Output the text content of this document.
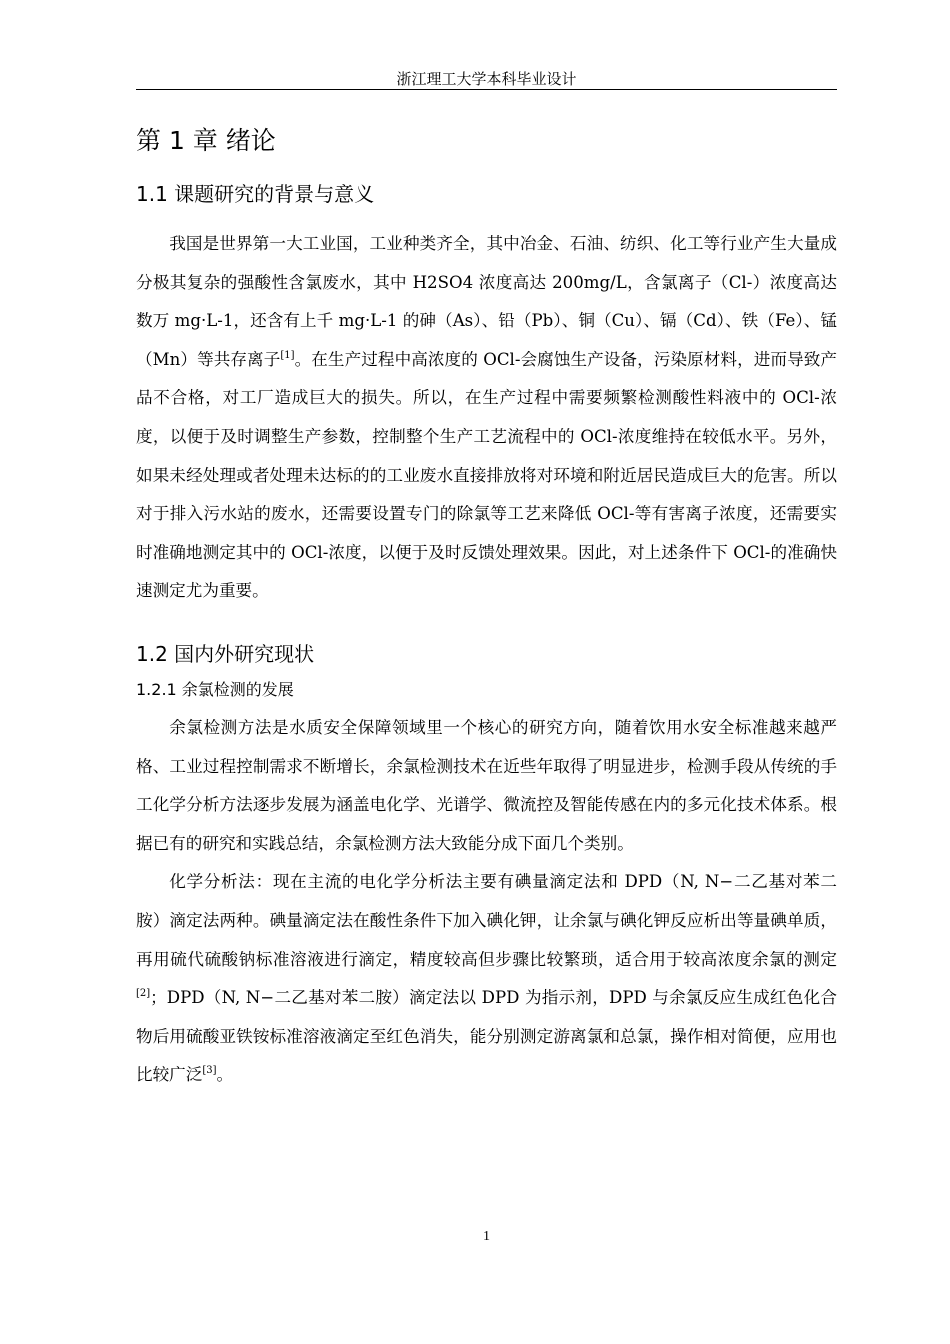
浙江理工大学本科毕业设计
第 1 章 绪论
1.1 课题研究的背景与意义

我国是世界第一大工业国，工业种类齐全，其中冶金、石油、纺织、化工等行业产生大量成分极其复杂的强酸性含氯废水，其中 H2SO4 浓度高达 200mg/L，含氯离子（Cl-）浓度高达数万 mg·L-1，还含有上千 mg·L-1 的砷（As）、铅（Pb）、铜（Cu）、镉（Cd）、铁（Fe）、锰（Mn）等共存离子[1]。在生产过程中高浓度的 OCl-会腐蚀生产设备，污染原材料，进而导致产品不合格，对工厂造成巨大的损失。所以，在生产过程中需要频繁检测酸性料液中的 OCl-浓度，以便于及时调整生产参数，控制整个生产工艺流程中的 OCl-浓度维持在较低水平。另外，如果未经处理或者处理未达标的的工业废水直接排放将对环境和附近居民造成巨大的危害。所以对于排入污水站的废水，还需要设置专门的除氯等工艺来降低 OCl-等有害离子浓度，还需要实时准确地测定其中的 OCl-浓度，以便于及时反馈处理效果。因此，对上述条件下 OCl-的准确快速测定尤为重要。

1.2 国内外研究现状
1.2.1 余氯检测的发展

余氯检测方法是水质安全保障领域里一个核心的研究方向，随着饮用水安全标准越来越严格、工业过程控制需求不断增长，余氯检测技术在近些年取得了明显进步，检测手段从传统的手工化学分析方法逐步发展为涵盖电化学、光谱学、微流控及智能传感在内的多元化技术体系。根据已有的研究和实践总结，余氯检测方法大致能分成下面几个类别。

化学分析法：现在主流的电化学分析法主要有碘量滴定法和 DPD（N, N−二乙基对苯二胺）滴定法两种。碘量滴定法在酸性条件下加入碘化钾，让余氯与碘化钾反应析出等量碘单质，再用硫代硫酸钠标准溶液进行滴定，精度较高但步骤比较繁琐，适合用于较高浓度余氯的测定[2]；DPD（N, N−二乙基对苯二胺）滴定法以 DPD 为指示剂，DPD 与余氯反应生成红色化合物后用硫酸亚铁铵标准溶液滴定至红色消失，能分别测定游离氯和总氯，操作相对简便，应用也比较广泛[3]。

1
